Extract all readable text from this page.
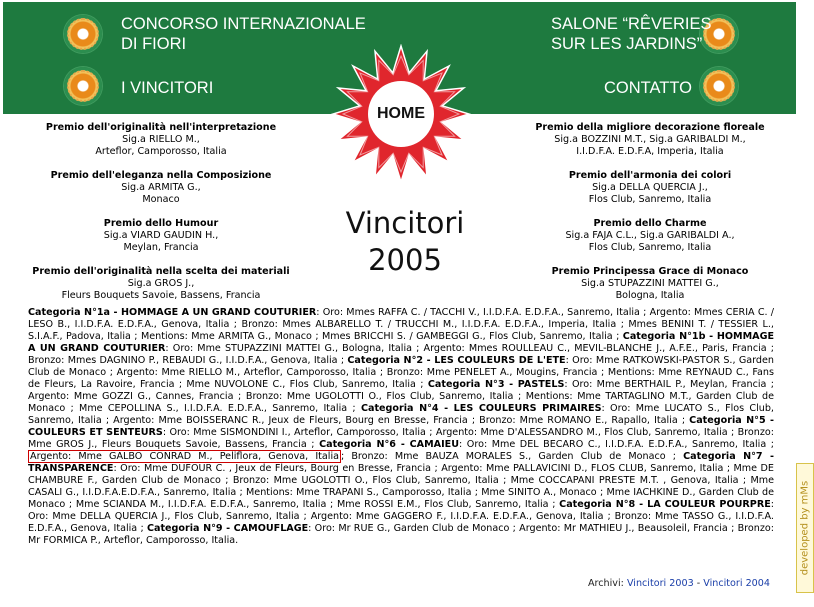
CONCORSO INTERNAZIONALE
DI FIORI
I VINCITORI
SALONE “RÊVERIES
SUR LES JARDINS”
CONTATTO
HOME
Premio dell'originalità nell'interpretazione
Sig.a RIELLO M.,
Arteflor, Camporosso, Italia
Premio dell'eleganza nella Composizione
Sig.a ARMITA G.,
Monaco
Premio dello Humour
Sig.a VIARD GAUDIN H.,
Meylan, Francia
Premio dell'originalità nella scelta dei materiali
Sig.a GROS J.,
Fleurs Bouquets Savoie, Bassens, Francia
Premio della migliore decorazione floreale
Sig.a BOZZINI M.T., Sig.a GARIBALDI M.,
I.I.D.F.A. E.D.F.A, Imperia, Italia
Premio dell'armonia dei colori
Sig.a DELLA QUERCIA J.,
Flos Club, Sanremo, Italia
Premio dello Charme
Sig.a FAJA C.L., Sig.a GARIBALDI A.,
Flos Club, Sanremo, Italia
Premio Principessa Grace di Monaco
Sig.a STUPAZZINI MATTEI G.,
Bologna, Italia
Vincitori
2005
Categoria N°1a - HOMMAGE A UN GRAND COUTURIER: Oro: Mmes RAFFA C. / TACCHI V., I.I.D.F.A. E.D.F.A., Sanremo, Italia ; Argento: Mmes CERIA C. / LESO B., I.I.D.F.A. E.D.F.A., Genova, Italia ; Bronzo: Mmes ALBARELLO T. / TRUCCHI M., I.I.D.F.A. E.D.F.A., Imperia, Italia ; Mmes BENINI T. / TESSIER L., S.I.A.F., Padova, Italia ; Mentions: Mme ARMITA G., Monaco ; Mmes BRICCHI S. / GAMBEGGI G., Flos Club, Sanremo, Italia ; Categoria N°1b - HOMMAGE A UN GRAND COUTURIER: Oro: Mme STUPAZZINI MATTEI G., Bologna, Italia ; Argento: Mmes ROULLEAU C., MEVIL-BLANCHE J., A.F.E., Paris, Francia ; Bronzo: Mmes DAGNINO P., REBAUDI G., I.I.D.F.A., Genova, Italia ; Categoria N°2 - LES COULEURS DE L'ETE: Oro: Mme RATKOWSKI-PASTOR S., Garden Club de Monaco ; Argento: Mme RIELLO M., Arteflor, Camporosso, Italia ; Bronzo: Mme PENELET A., Mougins, Francia ; Mentions: Mme REYNAUD C., Fans de Fleurs, La Ravoire, Francia ; Mme NUVOLONE C., Flos Club, Sanremo, Italia ; Categoria N°3 - PASTELS: Oro: Mme BERTHAIL P., Meylan, Francia ; Argento: Mme GOZZI G., Cannes, Francia ; Bronzo: Mme UGOLOTTI O., Flos Club, Sanremo, Italia ; Mentions: Mme TARTAGLINO M.T., Garden Club de Monaco ; Mme CEPOLLINA S., I.I.D.F.A. E.D.F.A., Sanremo, Italia ; Categoria N°4 - LES COULEURS PRIMAIRES: Oro: Mme LUCATO S., Flos Club, Sanremo, Italia ; Argento: Mme BOISSERANC R., Jeux de Fleurs, Bourg en Bresse, Francia ; Bronzo: Mme ROMANO E., Rapallo, Italia ; Categoria N°5 - COULEURS ET SENTEURS: Oro: Mme SISMONDINI I., Arteflor, Camporosso, Italia ; Argento: Mme D'ALESSANDRO M., Flos Club, Sanremo, Italia ; Bronzo: Mme GROS J., Fleurs Bouquets Savoie, Bassens, Francia ; Categoria N°6 - CAMAIEU: Oro: Mme DEL BECARO C., I.I.D.F.A. E.D.F.A., Sanremo, Italia ; Argento: Mme GALBO CONRAD M., Peliflora, Genova, Italia ; Bronzo: Mme BAUZA MORALES S., Garden Club de Monaco ; Categoria N°7 - TRANSPARENCE: Oro: Mme DUFOUR C. , Jeux de Fleurs, Bourg en Bresse, Francia ; Argento: Mme PALLAVICINI D., FLOS CLUB, Sanremo, Italia ; Mme DE CHAMBURE F., Garden Club de Monaco ; Bronzo: Mme UGOLOTTI O., Flos Club, Sanremo, Italia ; Mme COCCAPANI PRESTE M.T. , Genova, Italia ; Mme CASALI G., I.I.D.F.A.E.D.F.A., Sanremo, Italia ; Mentions: Mme TRAPANI S., Camporosso, Italia ; Mme SINITO A., Monaco ; Mme IACHKINE D., Garden Club de Monaco ; Mme SCIANDA M., I.I.D.F.A. E.D.F.A., Sanremo, Italia ; Mme ROSSI E.M., Flos Club, Sanremo, Italia ; Categoria N°8 - LA COULEUR POURPRE: Oro: Mme DELLA QUERCIA J., Flos Club, Sanremo, Italia ; Argento: Mme GAGGERO F., I.I.D.F.A. E.D.F.A., Genova, Italia ; Bronzo: Mme TASSO G., I.I.D.F.A. E.D.F.A., Genova, Italia ; Categoria N°9 - CAMOUFLAGE: Oro: Mr RUE G., Garden Club de Monaco ; Argento: Mr MATHIEU J., Beausoleil, Francia ; Bronzo: Mr FORMICA P., Arteflor, Camporosso, Italia.
Archivi: Vincitori 2003 - Vincitori 2004
developed by mMs
